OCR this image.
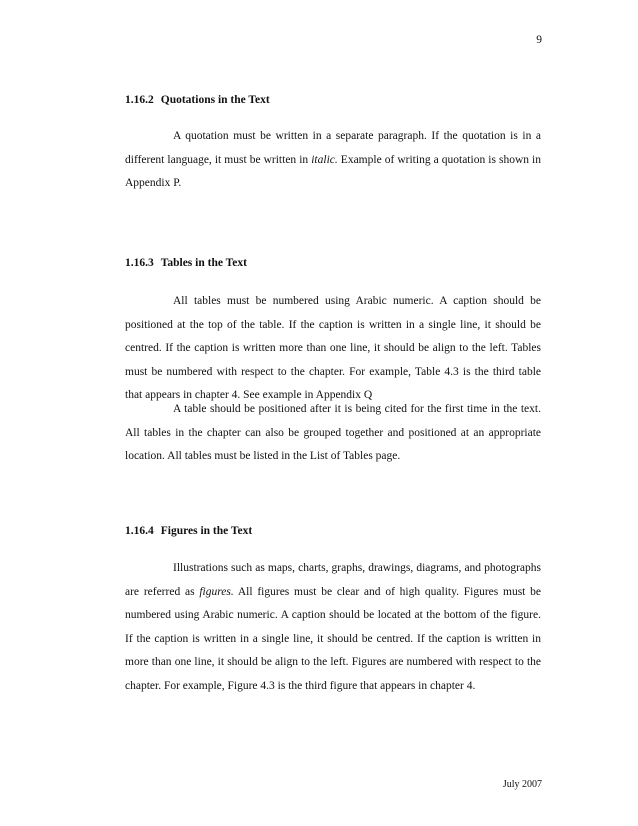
9
1.16.2 Quotations in the Text

A quotation must be written in a separate paragraph. If the quotation is in a different language, it must be written in italic. Example of writing a quotation is shown in Appendix P.

1.16.3 Tables in the Text

All tables must be numbered using Arabic numeric. A caption should be positioned at the top of the table. If the caption is written in a single line, it should be centred. If the caption is written more than one line, it should be align to the left. Tables must be numbered with respect to the chapter. For example, Table 4.3 is the third table that appears in chapter 4. See example in Appendix Q

A table should be positioned after it is being cited for the first time in the text. All tables in the chapter can also be grouped together and positioned at an appropriate location. All tables must be listed in the List of Tables page.

1.16.4 Figures in the Text

Illustrations such as maps, charts, graphs, drawings, diagrams, and photographs are referred as figures. All figures must be clear and of high quality. Figures must be numbered using Arabic numeric. A caption should be located at the bottom of the figure. If the caption is written in a single line, it should be centred. If the caption is written in more than one line, it should be align to the left. Figures are numbered with respect to the chapter. For example, Figure 4.3 is the third figure that appears in chapter 4.

July 2007
